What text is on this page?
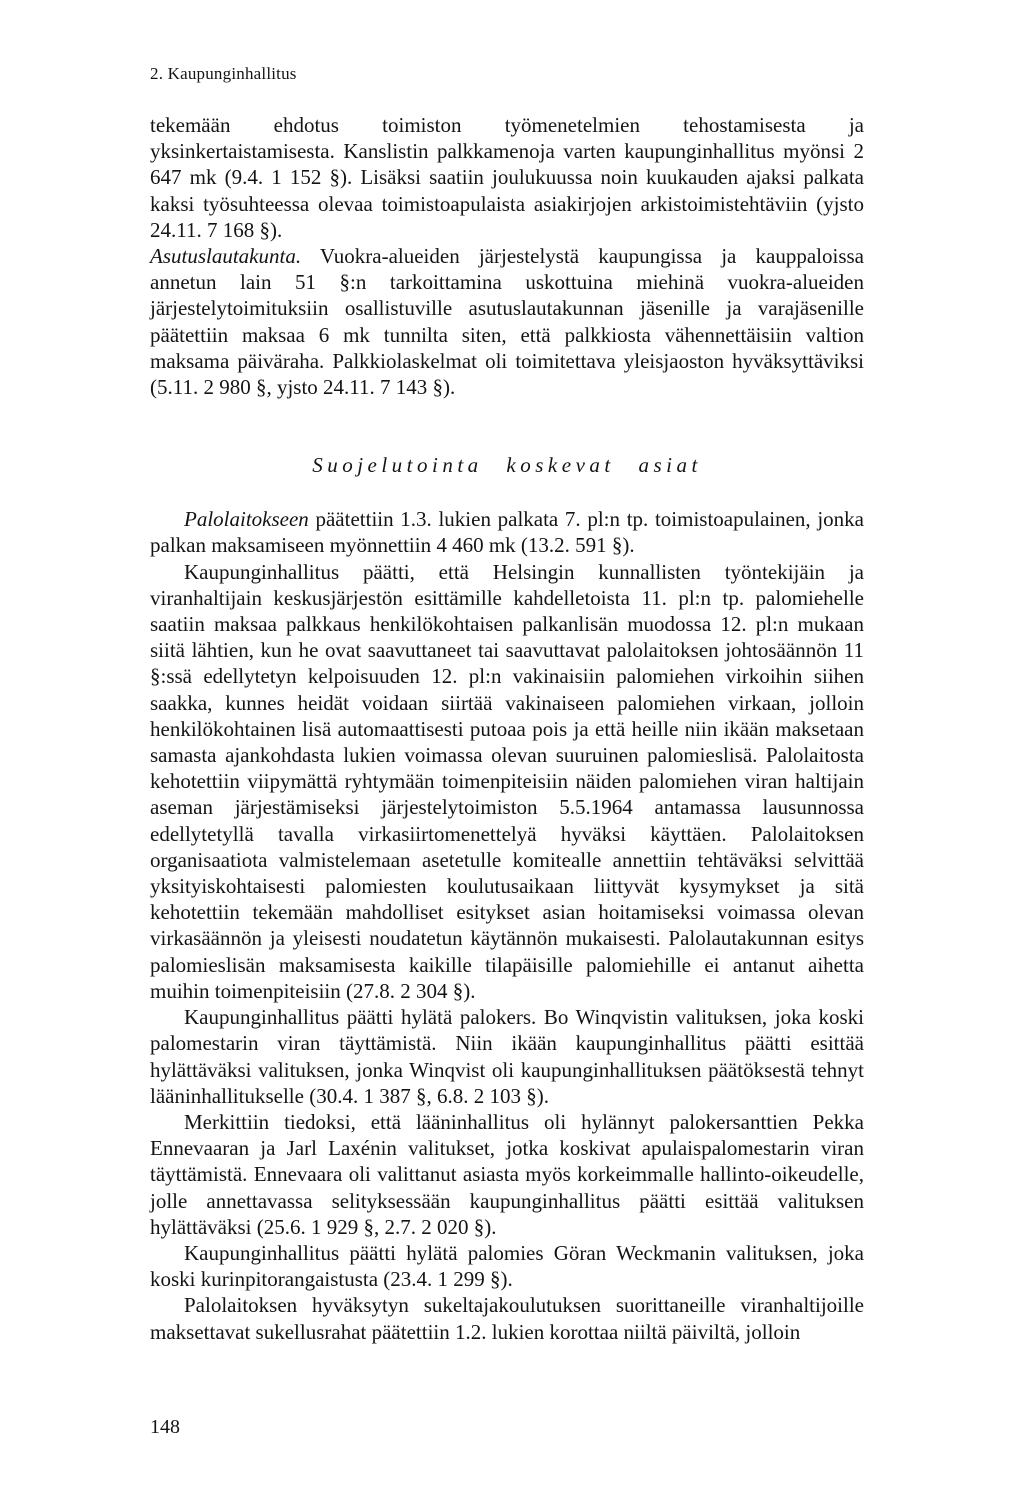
2. Kaupunginhallitus

tekemään ehdotus toimiston työmenetelmien tehostamisesta ja yksinkertaistamisesta. Kanslistin palkkamenoja varten kaupunginhallitus myönsi 2 647 mk (9.4. 1 152 §). Lisäksi saatiin joulukuussa noin kuukauden ajaksi palkata kaksi työsuhteessa olevaa toimistoapulaista asiakirjojen arkistoimistehtäviin (yjsto 24.11. 7 168 §).

Asutuslautakunta. Vuokra-alueiden järjestelystä kaupungissa ja kauppaloissa annetun lain 51 §:n tarkoittamina uskottuina miehinä vuokra-alueiden järjestelytoimituksiin osallistuville asutuslautakunnan jäsenille ja varajäsenille päätettiin maksaa 6 mk tunnilta siten, että palkkiosta vähennettäisiin valtion maksama päiväraha. Palkkiolaskelmat oli toimitettava yleisjaoston hyväksyttäviksi (5.11. 2 980 §, yjsto 24.11. 7 143 §).

Suojelutointa koskevat asiat

Palolaitokseen päätettiin 1.3. lukien palkata 7. pl:n tp. toimistoapulainen, jonka palkan maksamiseen myönnettiin 4 460 mk (13.2. 591 §).

Kaupunginhallitus päätti, että Helsingin kunnallisten työntekijäin ja viranhaltijain keskusjärjestön esittämille kahdelletoista 11. pl:n tp. palomiehelle saatiin maksaa palkkaus henkilökohtaisen palkanlisän muodossa 12. pl:n mukaan siitä lähtien, kun he ovat saavuttaneet tai saavuttavat palolaitoksen johtosäännön 11 §:ssä edellytetyn kelpoisuuden 12. pl:n vakinaisiin palomiehen virkoihin siihen saakka, kunnes heidät voidaan siirtää vakinaiseen palomiehen virkaan, jolloin henkilökohtainen lisä automaattisesti putoaa pois ja että heille niin ikään maksetaan samasta ajankohdasta lukien voimassa olevan suuruinen palomieslisä. Palolaitosta kehotettiin viipymättä ryhtymään toimenpiteisiin näiden palomiehen viran haltijain aseman järjestämiseksi järjestelytoimiston 5.5.1964 antamassa lausunnossa edellytetyllä tavalla virkasiirtomenettelyä hyväksi käyttäen. Palolaitoksen organisaatiota valmistelemaan asetetulle komitealle annettiin tehtäväksi selvittää yksityiskohtaisesti palomiesten koulutusaikaan liittyvät kysymykset ja sitä kehotettiin tekemään mahdolliset esitykset asian hoitamiseksi voimassa olevan virkasäännön ja yleisesti noudatetun käytännön mukaisesti. Palolautakunnan esitys palomieslisän maksamisesta kaikille tilapäisille palomiehille ei antanut aihetta muihin toimenpiteisiin (27.8. 2 304 §).

Kaupunginhallitus päätti hylätä palokers. Bo Winqvistin valituksen, joka koski palomestarin viran täyttämistä. Niin ikään kaupunginhallitus päätti esittää hylättäväksi valituksen, jonka Winqvist oli kaupunginhallituksen päätöksestä tehnyt lääninhallitukselle (30.4. 1 387 §, 6.8. 2 103 §).

Merkittiin tiedoksi, että lääninhallitus oli hylännyt palokersanttien Pekka Ennevaaran ja Jarl Laxénin valitukset, jotka koskivat apulaispalomestarin viran täyttämistä. Ennevaara oli valittanut asiasta myös korkeimmalle hallinto-oikeudelle, jolle annettavassa selityksessään kaupunginhallitus päätti esittää valituksen hylättäväksi (25.6. 1 929 §, 2.7. 2 020 §).

Kaupunginhallitus päätti hylätä palomies Göran Weckmanin valituksen, joka koski kurinpitorangaistusta (23.4. 1 299 §).

Palolaitoksen hyväksytyn sukeltajakoulutuksen suorittaneille viranhaltijoille maksettavat sukellusrahat päätettiin 1.2. lukien korottaa niiltä päiviltä, jolloin

148
